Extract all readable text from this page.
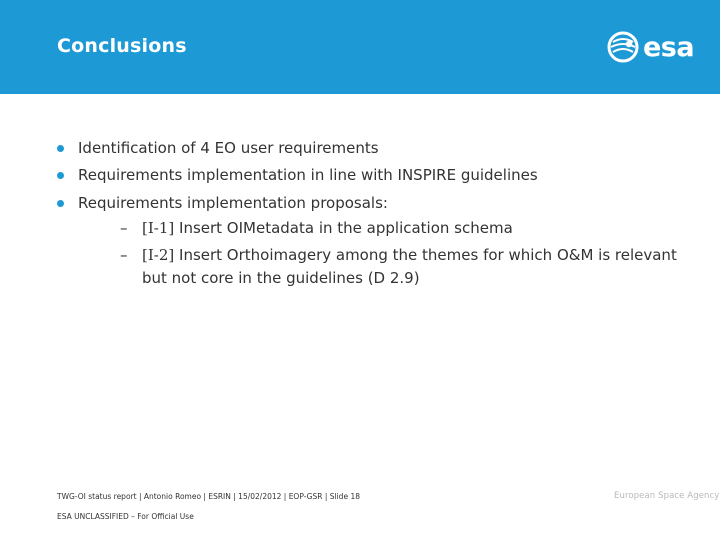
Conclusions	esa
Identification of 4 EO user requirements
Requirements implementation in line with INSPIRE guidelines
Requirements implementation proposals:
– [I-1] Insert OIMetadata in the application schema
– [I-2] Insert Orthoimagery among the themes for which O&M is relevant but not core in the guidelines (D 2.9)
TWG-OI status report | Antonio Romeo | ESRIN | 15/02/2012 | EOP-GSR | Slide 18
ESA UNCLASSIFIED – For Official Use
European Space Agency
